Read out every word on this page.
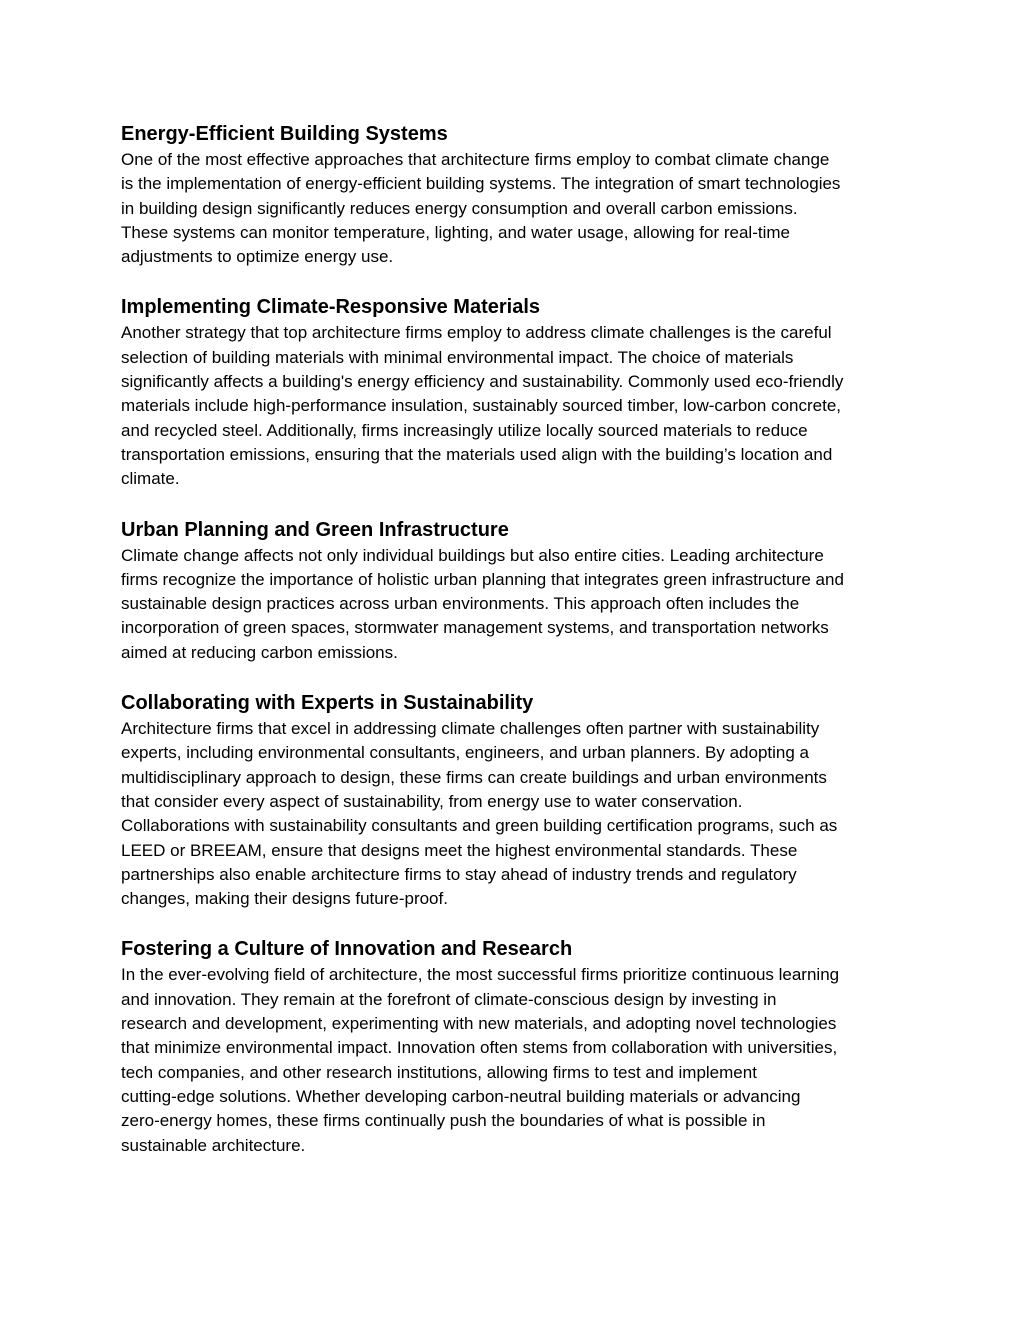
Energy-Efficient Building Systems
One of the most effective approaches that architecture firms employ to combat climate change
is the implementation of energy-efficient building systems. The integration of smart technologies
in building design significantly reduces energy consumption and overall carbon emissions.
These systems can monitor temperature, lighting, and water usage, allowing for real-time
adjustments to optimize energy use.
Implementing Climate-Responsive Materials
Another strategy that top architecture firms employ to address climate challenges is the careful
selection of building materials with minimal environmental impact. The choice of materials
significantly affects a building's energy efficiency and sustainability. Commonly used eco-friendly
materials include high-performance insulation, sustainably sourced timber, low-carbon concrete,
and recycled steel. Additionally, firms increasingly utilize locally sourced materials to reduce
transportation emissions, ensuring that the materials used align with the building’s location and
climate.
Urban Planning and Green Infrastructure
Climate change affects not only individual buildings but also entire cities. Leading architecture
firms recognize the importance of holistic urban planning that integrates green infrastructure and
sustainable design practices across urban environments. This approach often includes the
incorporation of green spaces, stormwater management systems, and transportation networks
aimed at reducing carbon emissions.
Collaborating with Experts in Sustainability
Architecture firms that excel in addressing climate challenges often partner with sustainability
experts, including environmental consultants, engineers, and urban planners. By adopting a
multidisciplinary approach to design, these firms can create buildings and urban environments
that consider every aspect of sustainability, from energy use to water conservation.
Collaborations with sustainability consultants and green building certification programs, such as
LEED or BREEAM, ensure that designs meet the highest environmental standards. These
partnerships also enable architecture firms to stay ahead of industry trends and regulatory
changes, making their designs future-proof.
Fostering a Culture of Innovation and Research
In the ever-evolving field of architecture, the most successful firms prioritize continuous learning
and innovation. They remain at the forefront of climate-conscious design by investing in
research and development, experimenting with new materials, and adopting novel technologies
that minimize environmental impact. Innovation often stems from collaboration with universities,
tech companies, and other research institutions, allowing firms to test and implement
cutting-edge solutions. Whether developing carbon-neutral building materials or advancing
zero-energy homes, these firms continually push the boundaries of what is possible in
sustainable architecture.
